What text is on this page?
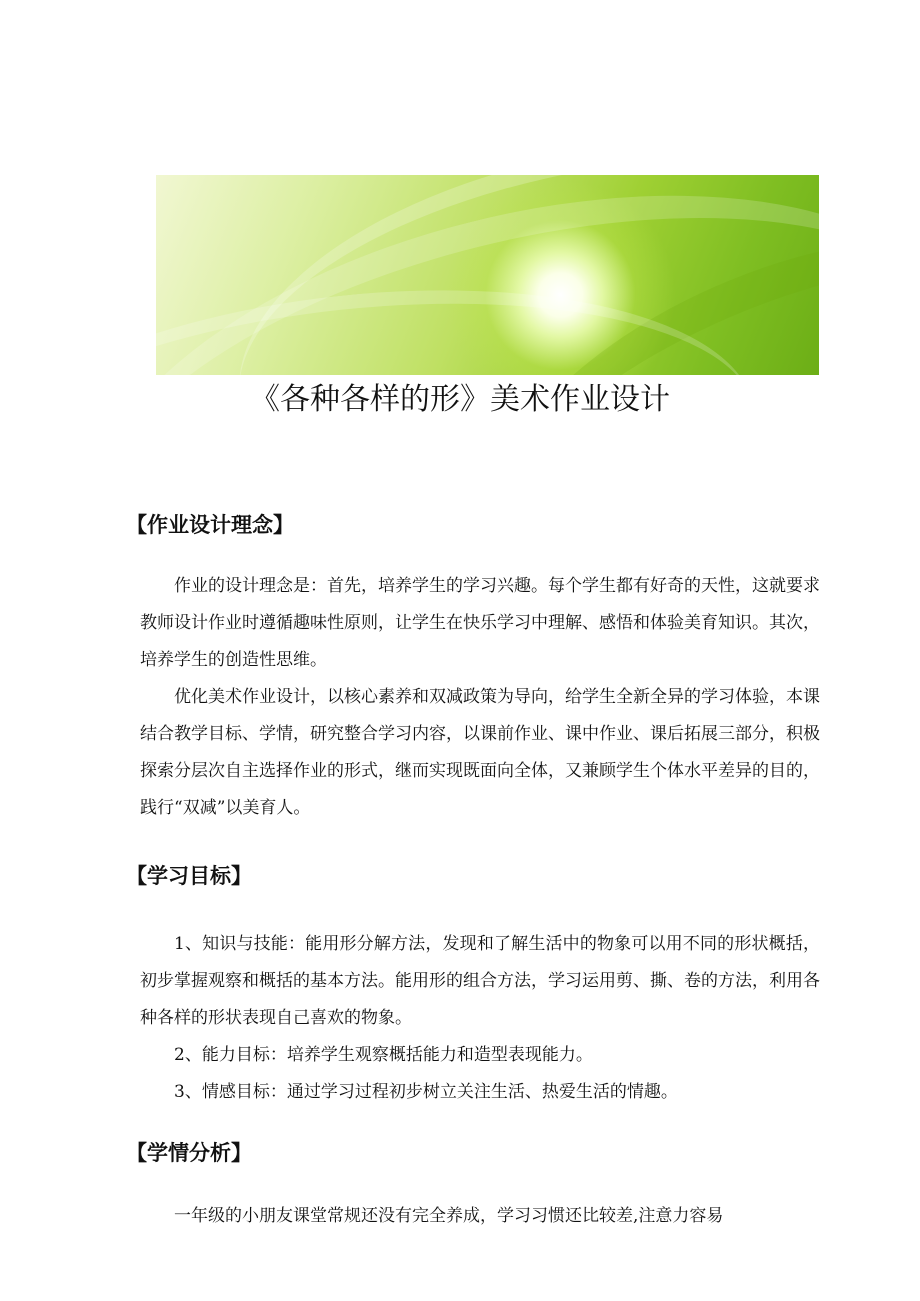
《各种各样的形》美术作业设计
【作业设计理念】
作业的设计理念是：首先，培养学生的学习兴趣。每个学生都有好奇的天性，这就要求教师设计作业时遵循趣味性原则，让学生在快乐学习中理解、感悟和体验美育知识。其次，培养学生的创造性思维。
优化美术作业设计，以核心素养和双减政策为导向，给学生全新全异的学习体验，本课结合教学目标、学情，研究整合学习内容，以课前作业、课中作业、课后拓展三部分，积极探索分层次自主选择作业的形式，继而实现既面向全体，又兼顾学生个体水平差异的目的，践行“双减”以美育人。
【学习目标】
1、知识与技能：能用形分解方法，发现和了解生活中的物象可以用不同的形状概括，初步掌握观察和概括的基本方法。能用形的组合方法，学习运用剪、撕、卷的方法，利用各种各样的形状表现自己喜欢的物象。
2、能力目标：培养学生观察概括能力和造型表现能力。
3、情感目标：通过学习过程初步树立关注生活、热爱生活的情趣。
【学情分析】
一年级的小朋友课堂常规还没有完全养成，学习习惯还比较差,注意力容易
